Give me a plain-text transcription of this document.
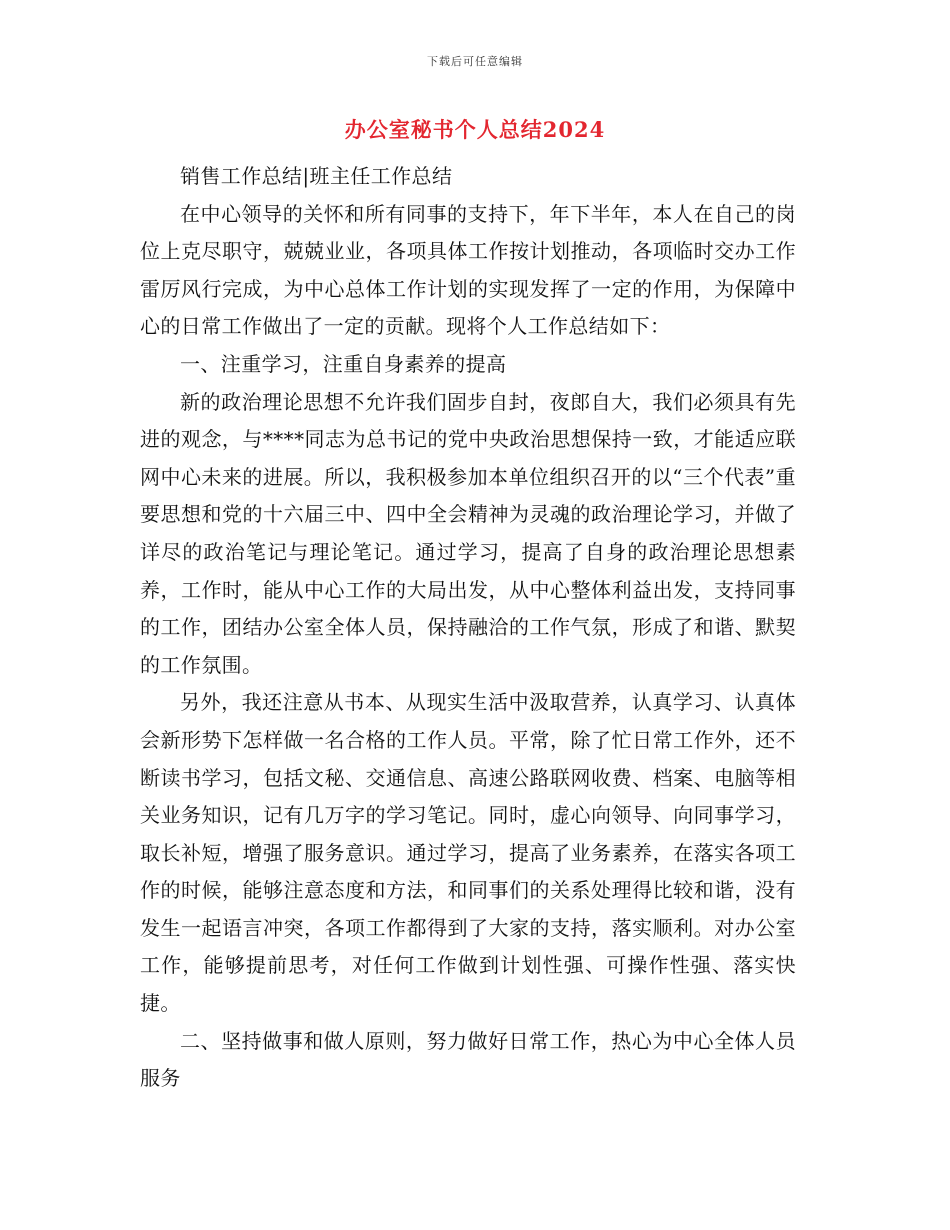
下载后可任意编辑
办公室秘书个人总结2024

销售工作总结|班主任工作总结

在中心领导的关怀和所有同事的支持下，年下半年，本人在自己的岗位上克尽职守，兢兢业业，各项具体工作按计划推动，各项临时交办工作雷厉风行完成，为中心总体工作计划的实现发挥了一定的作用，为保障中心的日常工作做出了一定的贡献。现将个人工作总结如下：

一、注重学习，注重自身素养的提高

新的政治理论思想不允许我们固步自封，夜郎自大，我们必须具有先进的观念，与****同志为总书记的党中央政治思想保持一致，才能适应联网中心未来的进展。所以，我积极参加本单位组织召开的以“三个代表”重要思想和党的十六届三中、四中全会精神为灵魂的政治理论学习，并做了详尽的政治笔记与理论笔记。通过学习，提高了自身的政治理论思想素养，工作时，能从中心工作的大局出发，从中心整体利益出发，支持同事的工作，团结办公室全体人员，保持融洽的工作气氛，形成了和谐、默契的工作氛围。

另外，我还注意从书本、从现实生活中汲取营养，认真学习、认真体会新形势下怎样做一名合格的工作人员。平常，除了忙日常工作外，还不断读书学习，包括文秘、交通信息、高速公路联网收费、档案、电脑等相关业务知识，记有几万字的学习笔记。同时，虚心向领导、向同事学习，取长补短，增强了服务意识。通过学习，提高了业务素养，在落实各项工作的时候，能够注意态度和方法，和同事们的关系处理得比较和谐，没有发生一起语言冲突，各项工作都得到了大家的支持，落实顺利。对办公室工作，能够提前思考，对任何工作做到计划性强、可操作性强、落实快捷。

二、坚持做事和做人原则，努力做好日常工作，热心为中心全体人员服务
